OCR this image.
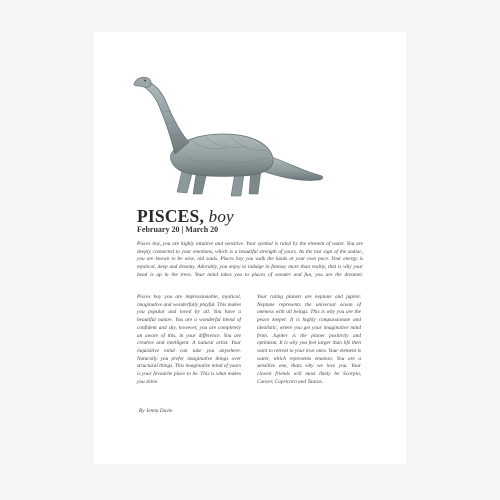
PISCES, boy

February 20 | March 20

Pisces boy, you are highly intuitive and sensitive. Your symbol is ruled by the element of water. You are deeply connected to your emotions, which is a beautiful strength of yours. As the last sign of the zodiac, you are known to be wise, old souls. Pisces boy you walk the lands at your own pace. Your energy is mystical, deep and dreamy. Adorably, you enjoy to indulge in fantasy more than reality, that is why your head is up in the trees. Your mind takes you to places of wonder and fun, you are the dreamer.

Pisces boy you are impressionable, mystical, imaginative and wonderfully playful. This makes you popular and loved by all. You have a beautiful nature. You are a wonderful blend of confident and shy, however, you are completely un aware of this, in your difference. You are creative and intelligent. A natural artist. Your inquisitive mind can take you anywhere. Naturally you prefer imaginative things over structural things. This imaginative mind of yours is your favourite place to be. This is what makes you shine.

Your ruling planets are neptune and jupiter. Neptune represents the universal ocean of oneness with all beings. This is why you are the peace keeper. It is highly compassionate and idealistic, where you get your imaginative mind from. Jupiter is the planet positivity and optimism. It is why you feel larger than life then want to retreat to your love ones. Your element is water, which represents emotion. You are a sensitive one, thats why we love you. Your closest friends will most likely be Scorpio, Cancer, Capricorn and Taurus.

By Jenna Davie
